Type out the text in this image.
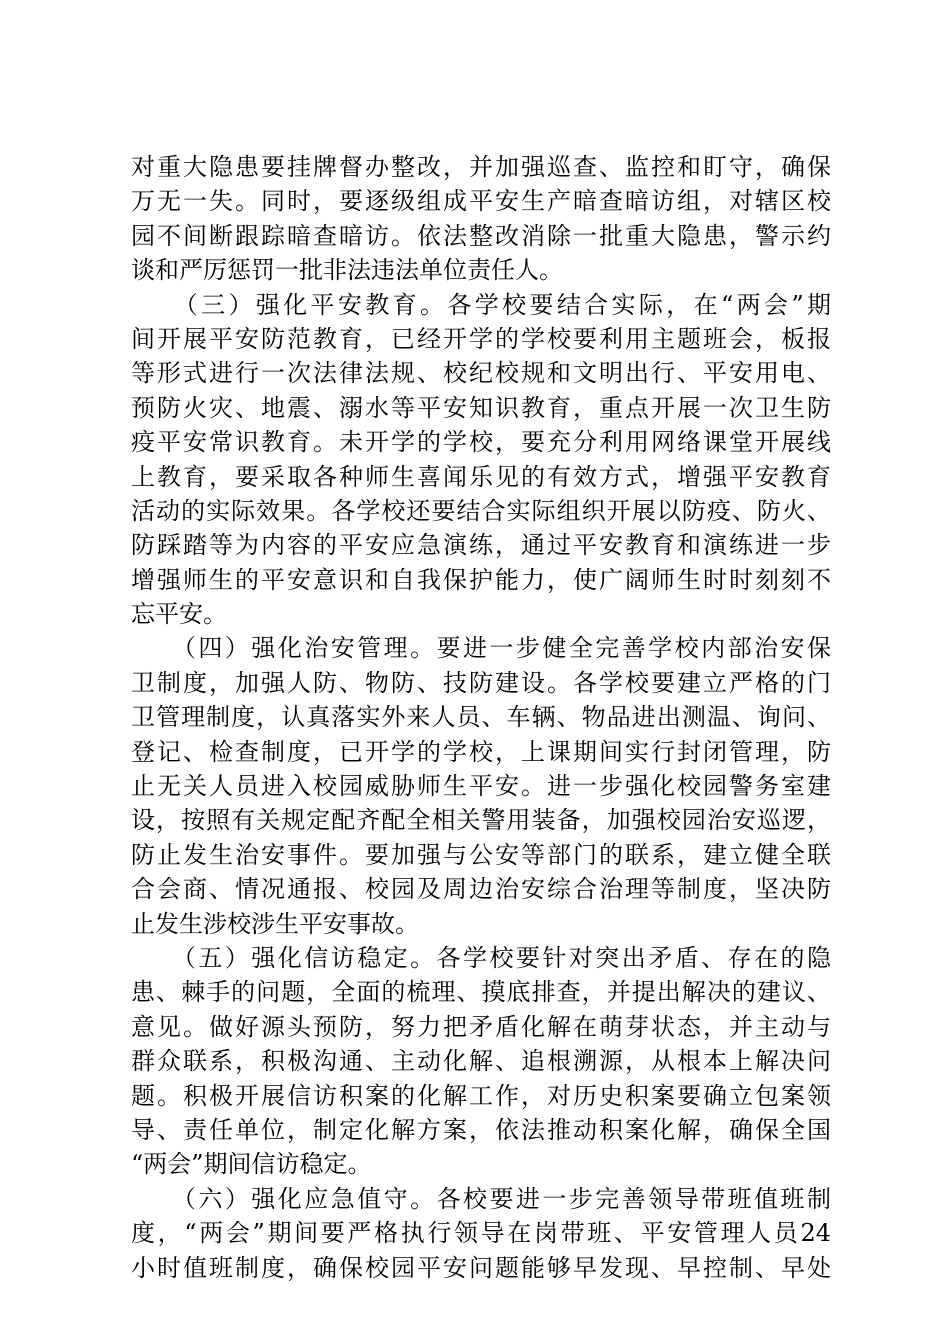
对重大隐患要挂牌督办整改，并加强巡查、监控和盯守，确保
万无一失。同时，要逐级组成平安生产暗查暗访组，对辖区校
园不间断跟踪暗查暗访。依法整改消除一批重大隐患，警示约
谈和严厉惩罚一批非法违法单位责任人。
　　（三）强化平安教育。各学校要结合实际，在“两会”期
间开展平安防范教育，已经开学的学校要利用主题班会，板报
等形式进行一次法律法规、校纪校规和文明出行、平安用电、
预防火灾、地震、溺水等平安知识教育，重点开展一次卫生防
疫平安常识教育。未开学的学校，要充分利用网络课堂开展线
上教育，要采取各种师生喜闻乐见的有效方式，增强平安教育
活动的实际效果。各学校还要结合实际组织开展以防疫、防火、
防踩踏等为内容的平安应急演练，通过平安教育和演练进一步
增强师生的平安意识和自我保护能力，使广阔师生时时刻刻不
忘平安。
　　（四）强化治安管理。要进一步健全完善学校内部治安保
卫制度，加强人防、物防、技防建设。各学校要建立严格的门
卫管理制度，认真落实外来人员、车辆、物品进出测温、询问、
登记、检查制度，已开学的学校，上课期间实行封闭管理，防
止无关人员进入校园威胁师生平安。进一步强化校园警务室建
设，按照有关规定配齐配全相关警用装备，加强校园治安巡逻，
防止发生治安事件。要加强与公安等部门的联系，建立健全联
合会商、情况通报、校园及周边治安综合治理等制度，坚决防
止发生涉校涉生平安事故。
　　（五）强化信访稳定。各学校要针对突出矛盾、存在的隐
患、棘手的问题，全面的梳理、摸底排查，并提出解决的建议、
意见。做好源头预防，努力把矛盾化解在萌芽状态，并主动与
群众联系，积极沟通、主动化解、追根溯源，从根本上解决问
题。积极开展信访积案的化解工作，对历史积案要确立包案领
导、责任单位，制定化解方案，依法推动积案化解，确保全国
“两会”期间信访稳定。
　　（六）强化应急值守。各校要进一步完善领导带班值班制
度，“两会”期间要严格执行领导在岗带班、平安管理人员24
小时值班制度，确保校园平安问题能够早发现、早控制、早处
